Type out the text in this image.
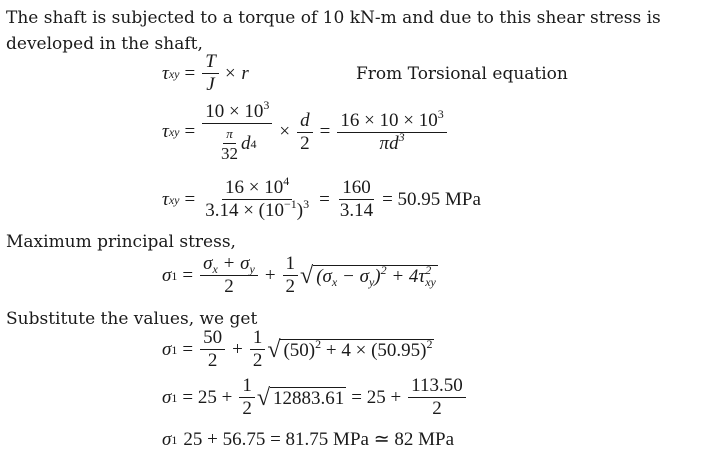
The shaft is subjected to a torque of 10 kN-m and due to this shear stress is
developed in the shaft,
τ xy = $\frac{T}{J} \times r$	From Torsional equation
τ xy = $\frac{10 \times 10^3}{\frac{\pi}{32} d 4} \times \frac{d}{2} = \frac{16 \times 10 \times 10^3}{\pi d^3}$
τ xy = $\frac{16 \times 10^4}{3.14 \times (10^{-1})^3} = \frac{160}{3.14} = 50.95$ MPa
Maximum principal stress,
σ $1 = \frac{\sigma_x + \sigma_y}{2} + \frac{1}{2}$ √ $(\sigma_x - \sigma_y)^2 + 4\tau^2_{xy}$
Substitute the values, we get
σ $1 = \frac{50}{2} + \frac{1}{2}$ √ $(50)^2 + 4 \times (50.95)^2$
σ $1 = 25 + \frac{1}{2}$ √ $12883.61 = 25 + \frac{113.50}{2}$
σ 1 25 + 56.75 = 81.75 MPa ≃ 82 MPa
